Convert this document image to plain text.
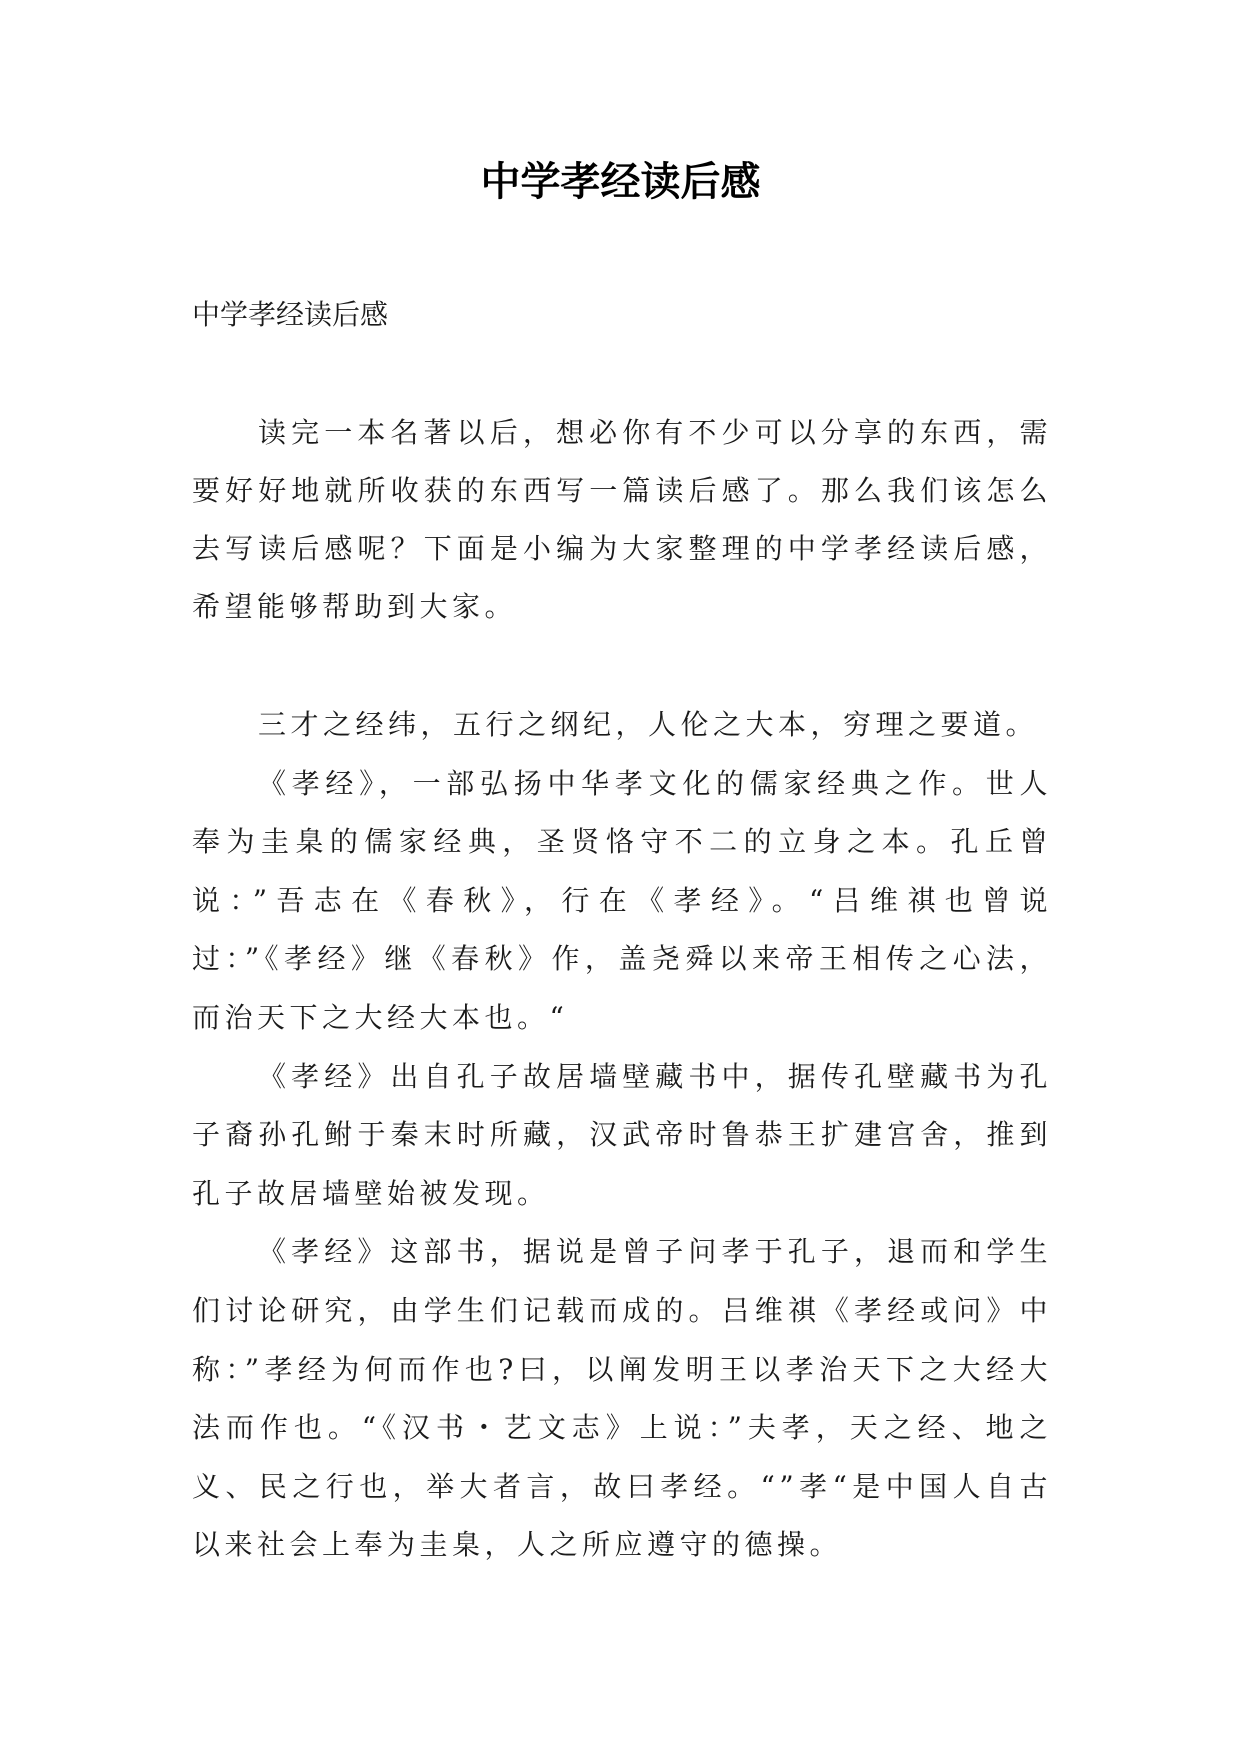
中学孝经读后感

中学孝经读后感

读完一本名著以后，想必你有不少可以分享的东西，需要好好地就所收获的东西写一篇读后感了。那么我们该怎么去写读后感呢？下面是小编为大家整理的中学孝经读后感，希望能够帮助到大家。

三才之经纬，五行之纲纪，人伦之大本，穷理之要道。

《孝经》，一部弘扬中华孝文化的儒家经典之作。世人奉为圭臬的儒家经典，圣贤恪守不二的立身之本。孔丘曾说：”吾志在《春秋》，行在《孝经》。“吕维祺也曾说过：”《孝经》继《春秋》作，盖尧舜以来帝王相传之心法，而治天下之大经大本也。“

《孝经》出自孔子故居墙壁藏书中，据传孔壁藏书为孔子裔孙孔鲋于秦末时所藏，汉武帝时鲁恭王扩建宫舍，推到孔子故居墙壁始被发现。

《孝经》这部书，据说是曾子问孝于孔子，退而和学生们讨论研究，由学生们记载而成的。吕维祺《孝经或问》中称：”孝经为何而作也?曰，以阐发明王以孝治天下之大经大法而作也。“《汉书・艺文志》上说：”夫孝，天之经、地之义、民之行也，举大者言，故曰孝经。“”孝“是中国人自古以来社会上奉为圭臬，人之所应遵守的德操。
